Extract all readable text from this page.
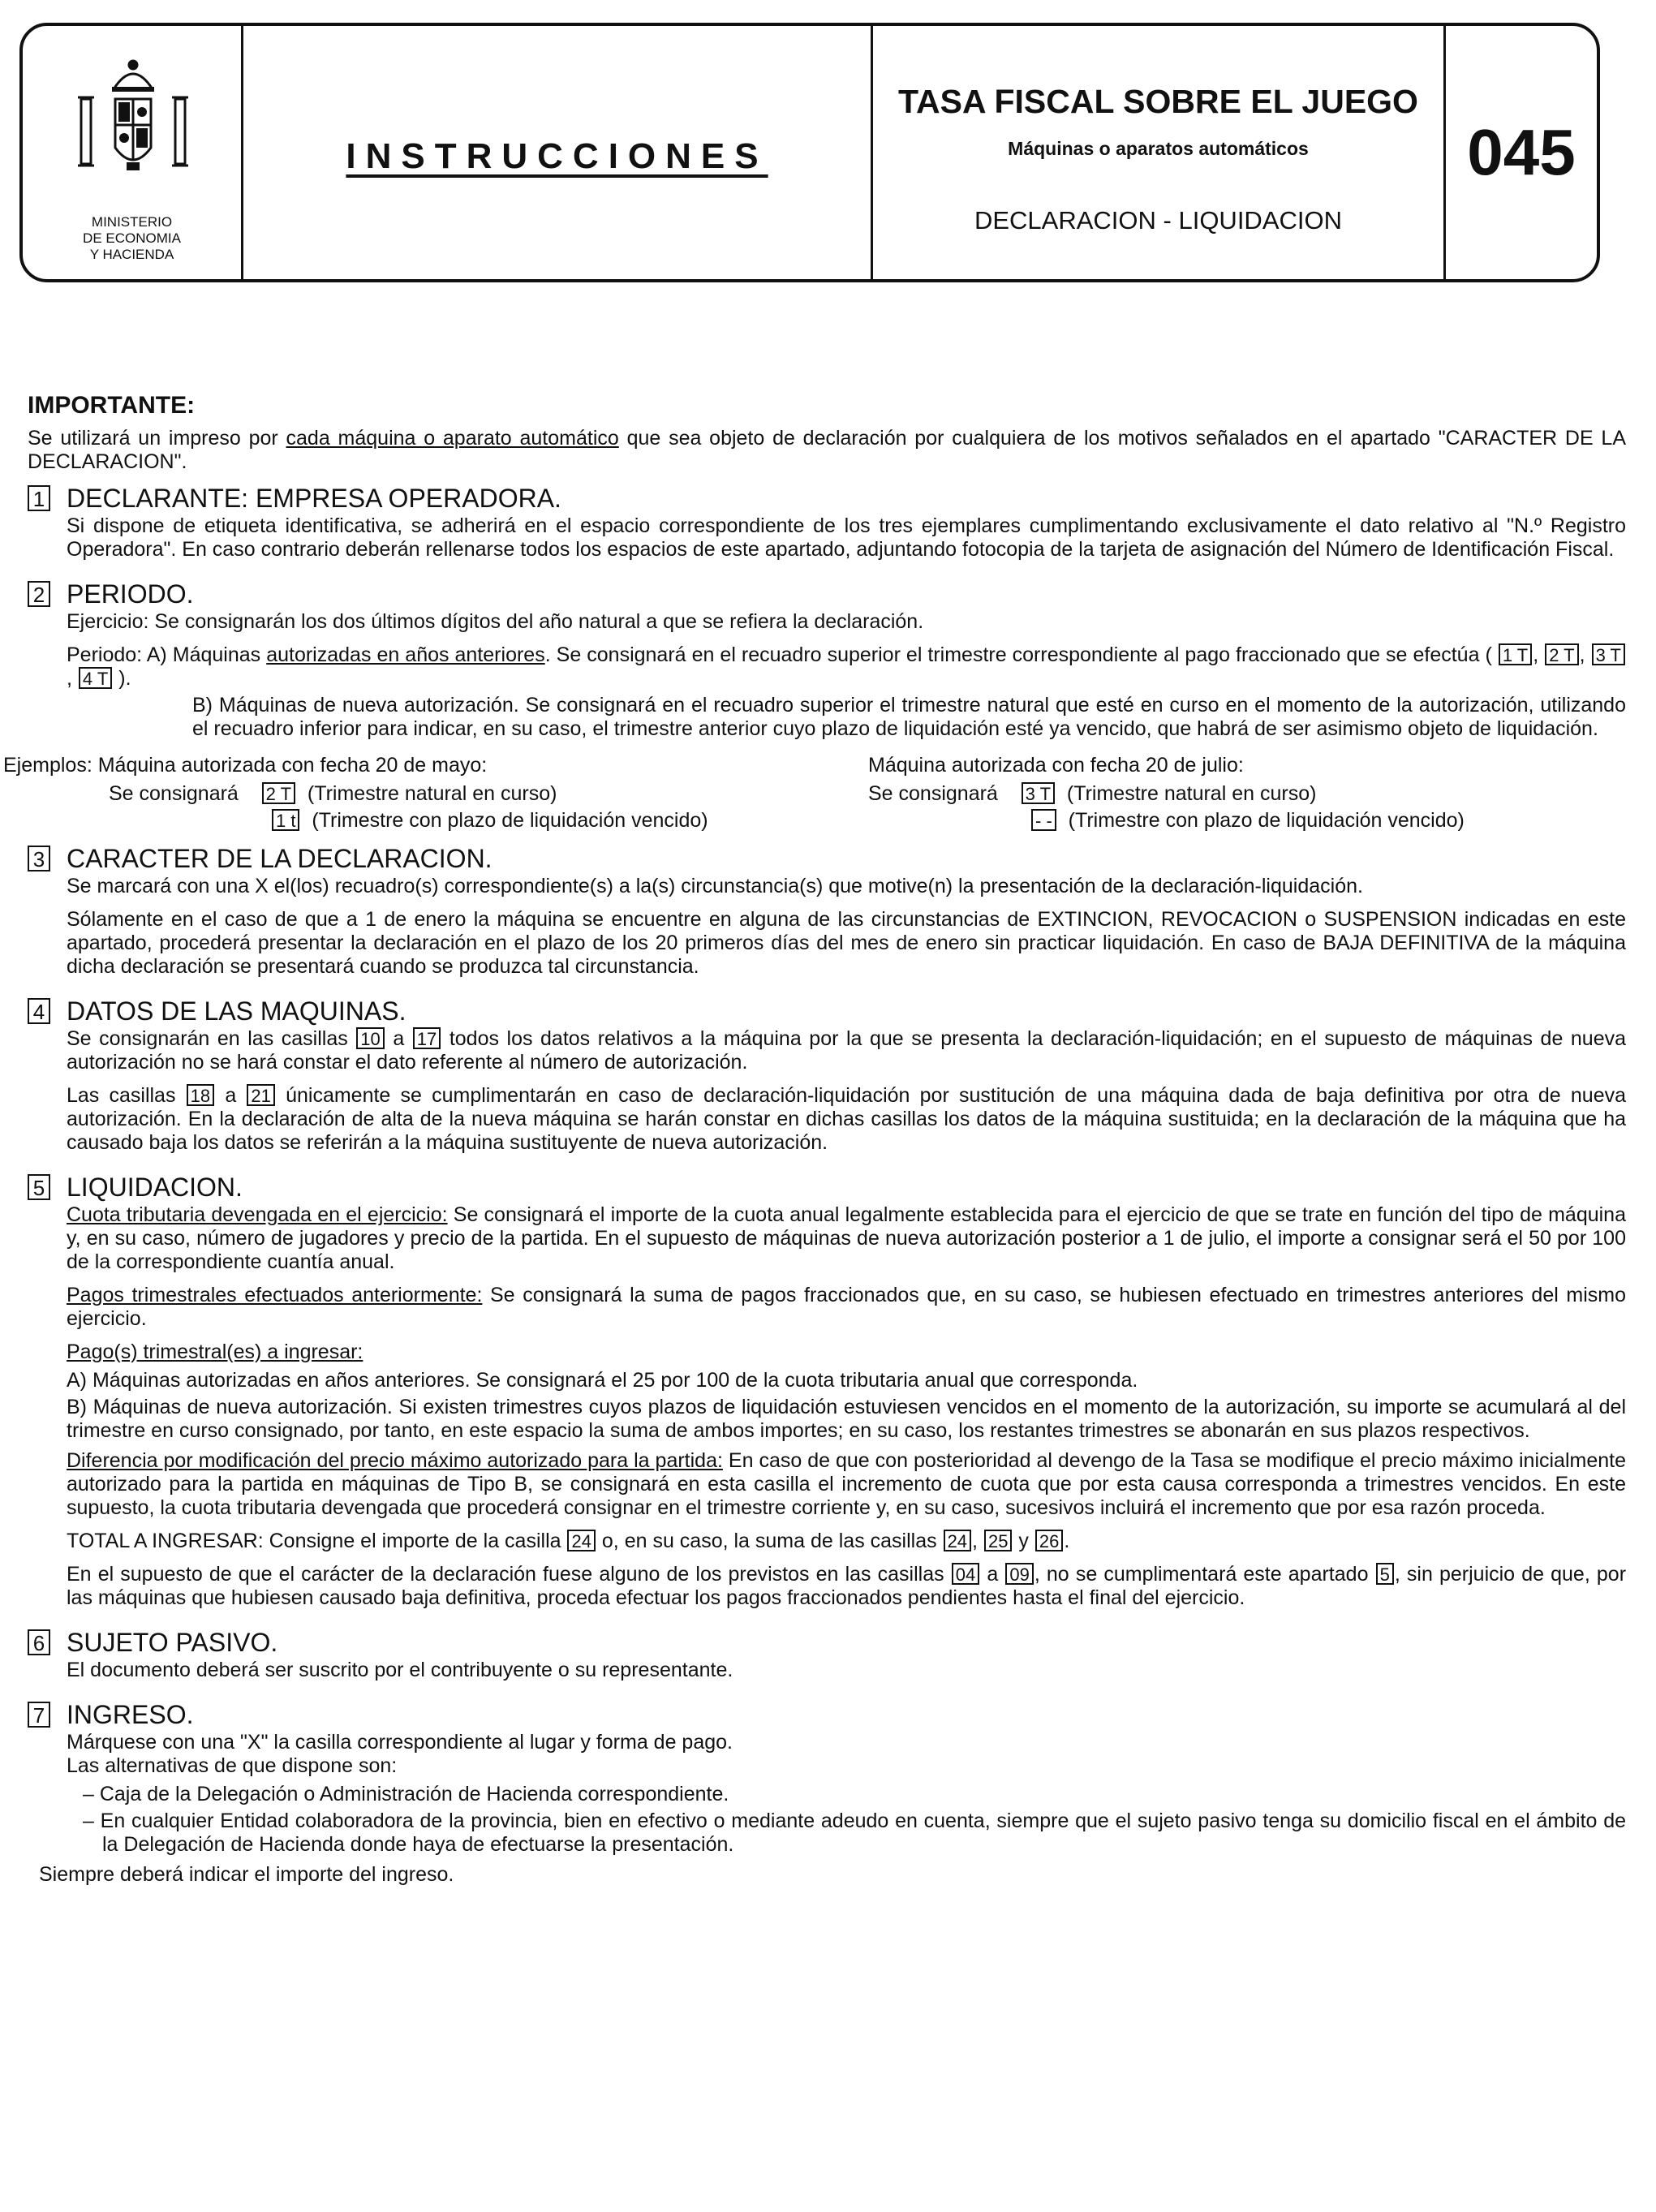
MINISTERIO
DE ECONOMIA
Y HACIENDA
INSTRUCCIONES
TASA FISCAL SOBRE EL JUEGO
Máquinas o aparatos automáticos
DECLARACION - LIQUIDACION
045
IMPORTANTE:

Se utilizará un impreso por cada máquina o aparato automático que sea objeto de declaración por cualquiera de los motivos señalados en el apartado "CARACTER DE LA DECLARACION".

1 DECLARANTE: EMPRESA OPERADORA.

Si dispone de etiqueta identificativa, se adherirá en el espacio correspondiente de los tres ejemplares cumplimentando exclusivamente el dato relativo al "N.º Registro Operadora". En caso contrario deberán rellenarse todos los espacios de este apartado, adjuntando fotocopia de la tarjeta de asignación del Número de Identificación Fiscal.

2 PERIODO.

Ejercicio: Se consignarán los dos últimos dígitos del año natural a que se refiera la declaración.

Periodo: A) Máquinas autorizadas en años anteriores. Se consignará en el recuadro superior el trimestre correspondiente al pago fraccionado que se efectúa ( 1 T , 2 T , 3 T, 4 T ).

B) Máquinas de nueva autorización. Se consignará en el recuadro superior el trimestre natural que esté en curso en el momento de la autorización, utilizando el recuadro inferior para indicar, en su caso, el trimestre anterior cuyo plazo de liquidación esté ya vencido, que habrá de ser asimismo objeto de liquidación.

Ejemplos: Máquina autorizada con fecha 20 de mayo:
Se consignará 2 T (Trimestre natural en curso)
1 t (Trimestre con plazo de liquidación vencido)
Máquina autorizada con fecha 20 de julio:
Se consignará 3 T (Trimestre natural en curso)
- - (Trimestre con plazo de liquidación vencido)
3 CARACTER DE LA DECLARACION.

Se marcará con una X el(los) recuadro(s) correspondiente(s) a la(s) circunstancia(s) que motive(n) la presentación de la declaración-liquidación.

Sólamente en el caso de que a 1 de enero la máquina se encuentre en alguna de las circunstancias de EXTINCION, REVOCACION o SUSPENSION indicadas en este apartado, procederá presentar la declaración en el plazo de los 20 primeros días del mes de enero sin practicar liquidación. En caso de BAJA DEFINITIVA de la máquina dicha declaración se presentará cuando se produzca tal circunstancia.

4 DATOS DE LAS MAQUINAS.

Se consignarán en las casillas 10 a 17 todos los datos relativos a la máquina por la que se presenta la declaración-liquidación; en el supuesto de máquinas de nueva autorización no se hará constar el dato referente al número de autorización.

Las casillas 18 a 21 únicamente se cumplimentarán en caso de declaración-liquidación por sustitución de una máquina dada de baja definitiva por otra de nueva autorización. En la declaración de alta de la nueva máquina se harán constar en dichas casillas los datos de la máquina sustituida; en la declaración de la máquina que ha causado baja los datos se referirán a la máquina sustituyente de nueva autorización.

5 LIQUIDACION.

Cuota tributaria devengada en el ejercicio: Se consignará el importe de la cuota anual legalmente establecida para el ejercicio de que se trate en función del tipo de máquina y, en su caso, número de jugadores y precio de la partida. En el supuesto de máquinas de nueva autorización posterior a 1 de julio, el importe a consignar será el 50 por 100 de la correspondiente cuantía anual.

Pagos trimestrales efectuados anteriormente: Se consignará la suma de pagos fraccionados que, en su caso, se hubiesen efectuado en trimestres anteriores del mismo ejercicio.

Pago(s) trimestral(es) a ingresar:

A) Máquinas autorizadas en años anteriores. Se consignará el 25 por 100 de la cuota tributaria anual que corresponda.
B) Máquinas de nueva autorización. Si existen trimestres cuyos plazos de liquidación estuviesen vencidos en el momento de la autorización, su importe se acumulará al del trimestre en curso consignado, por tanto, en este espacio la suma de ambos importes; en su caso, los restantes trimestres se abonarán en sus plazos respectivos.

Diferencia por modificación del precio máximo autorizado para la partida: En caso de que con posterioridad al devengo de la Tasa se modifique el precio máximo inicialmente autorizado para la partida en máquinas de Tipo B, se consignará en esta casilla el incremento de cuota que por esta causa corresponda a trimestres vencidos. En este supuesto, la cuota tributaria devengada que procederá consignar en el trimestre corriente y, en su caso, sucesivos incluirá el incremento que por esa razón proceda.

TOTAL A INGRESAR: Consigne el importe de la casilla 24 o, en su caso, la suma de las casillas 24 , 25 y 26 .

En el supuesto de que el carácter de la declaración fuese alguno de los previstos en las casillas 04 a 09 , no se cumplimentará este apartado 5 , sin perjuicio de que, por las máquinas que hubiesen causado baja definitiva, proceda efectuar los pagos fraccionados pendientes hasta el final del ejercicio.

6 SUJETO PASIVO.

El documento deberá ser suscrito por el contribuyente o su representante.

7 INGRESO.
Márquese con una "X" la casilla correspondiente al lugar y forma de pago.
Las alternativas de que dispone son:
– Caja de la Delegación o Administración de Hacienda correspondiente.
– En cualquier Entidad colaboradora de la provincia, bien en efectivo o mediante adeudo en cuenta, siempre que el sujeto pasivo tenga su domicilio fiscal en el ámbito de la Delegación de Hacienda donde haya de efectuarse la presentación.
Siempre deberá indicar el importe del ingreso.
